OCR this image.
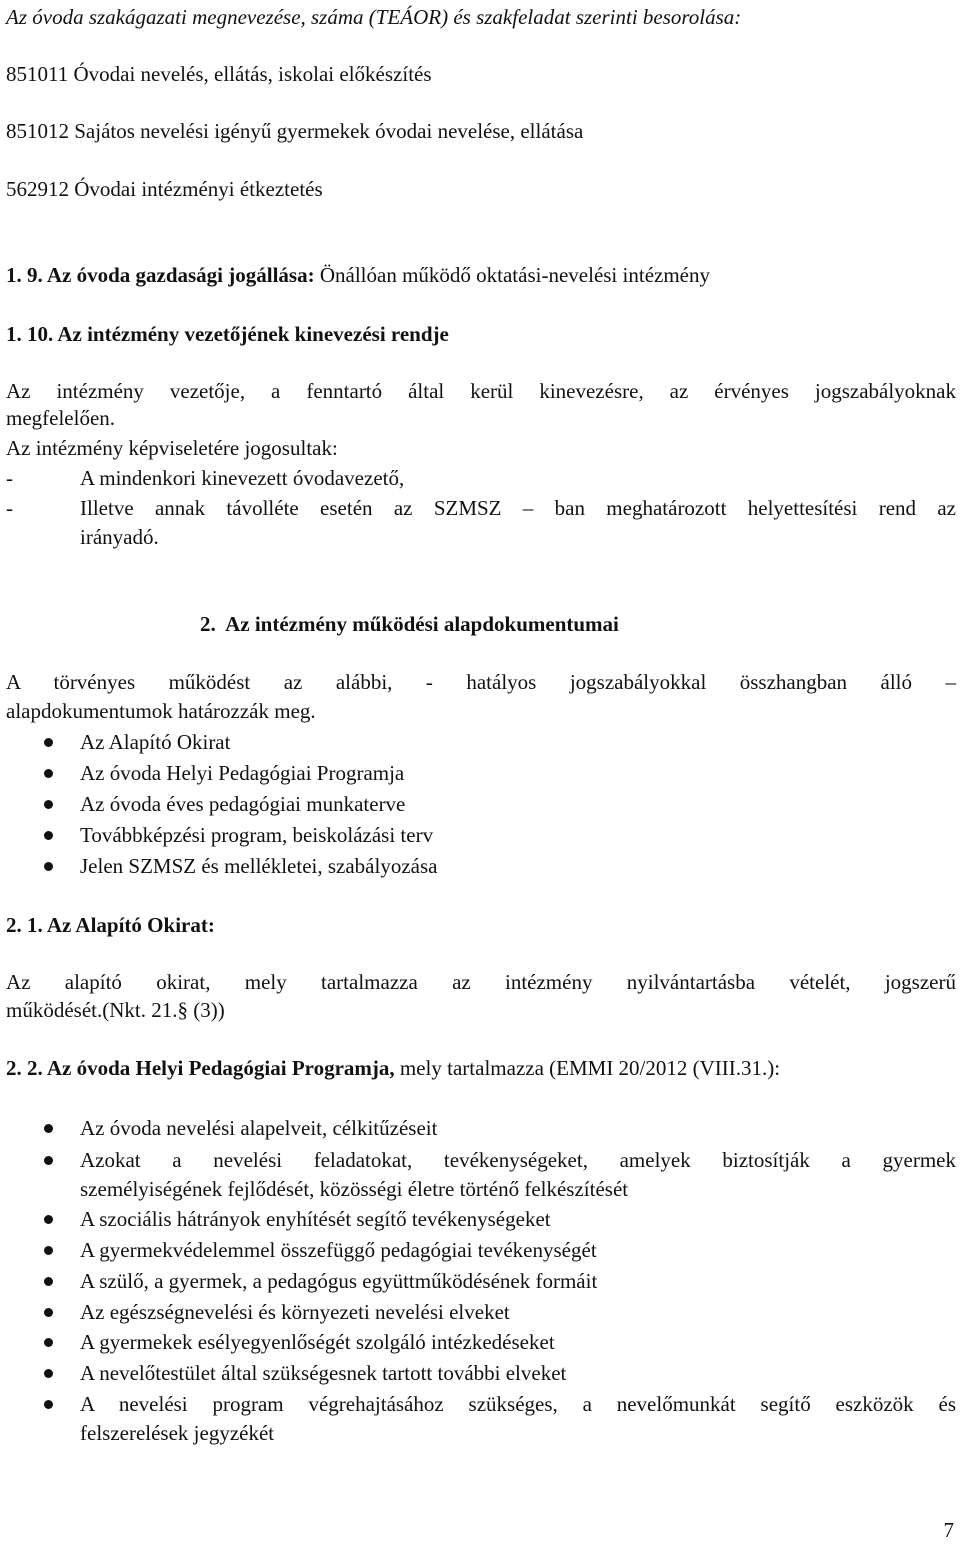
Az óvoda szakágazati megnevezése, száma (TEÁOR) és szakfeladat szerinti besorolása:
851011 Óvodai nevelés, ellátás, iskolai előkészítés
851012 Sajátos nevelési igényű gyermekek óvodai nevelése, ellátása
562912 Óvodai intézményi étkeztetés
1. 9. Az óvoda gazdasági jogállása: Önállóan működő oktatási-nevelési intézmény
1. 10. Az intézmény vezetőjének kinevezési rendje
Az intézmény vezetője, a fenntartó által kerül kinevezésre, az érvényes jogszabályoknak
megfelelően.
Az intézmény képviseletére jogosultak:
-	A mindenkori kinevezett óvodavezető,
-	Illetve annak távolléte esetén az SZMSZ – ban meghatározott helyettesítési rend az
irányadó.
2.  Az intézmény működési alapdokumentumai
A törvényes működést az alábbi, - hatályos jogszabályokkal összhangban álló –
alapdokumentumok határozzák meg.
Az Alapító Okirat
Az óvoda Helyi Pedagógiai Programja
Az óvoda éves pedagógiai munkaterve
Továbbképzési program, beiskolázási terv
Jelen SZMSZ és mellékletei, szabályozása
2. 1. Az Alapító Okirat:
Az alapító okirat, mely tartalmazza az intézmény nyilvántartásba vételét, jogszerű
működését.(Nkt. 21.§ (3))
2. 2. Az óvoda Helyi Pedagógiai Programja, mely tartalmazza (EMMI 20/2012 (VIII.31.):
Az óvoda nevelési alapelveit, célkitűzéseit
Azokat a nevelési feladatokat, tevékenységeket, amelyek biztosítják a gyermek
személyiségének fejlődését, közösségi életre történő felkészítését
A szociális hátrányok enyhítését segítő tevékenységeket
A gyermekvédelemmel összefüggő pedagógiai tevékenységét
A szülő, a gyermek, a pedagógus együttműködésének formáit
Az egészségnevelési és környezeti nevelési elveket
A gyermekek esélyegyenlőségét szolgáló intézkedéseket
A nevelőtestület által szükségesnek tartott további elveket
A nevelési program végrehajtásához szükséges, a nevelőmunkát segítő eszközök és
felszerelések jegyzékét
7
